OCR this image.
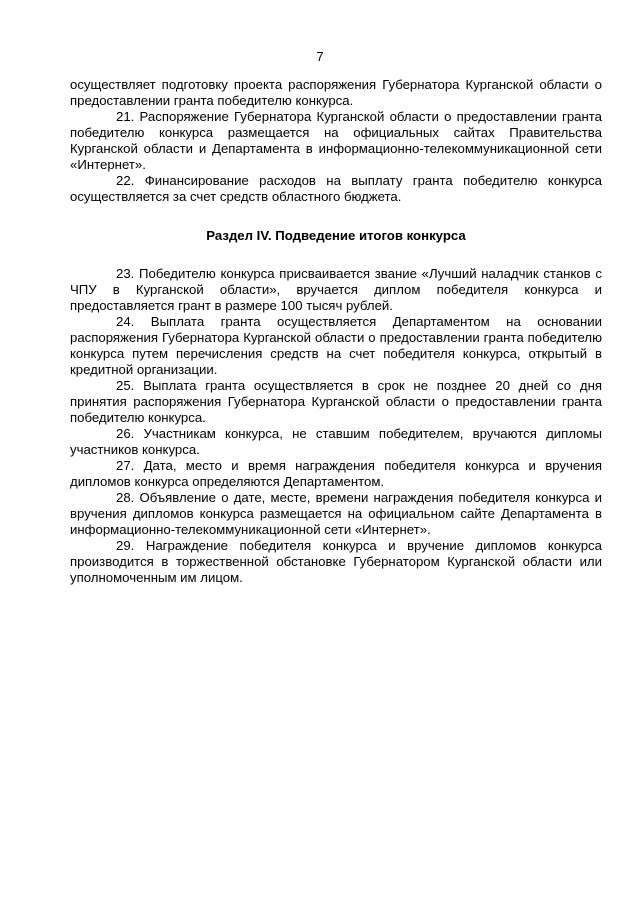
7

осуществляет подготовку проекта распоряжения Губернатора Курганской области о предоставлении гранта победителю конкурса.

21. Распоряжение Губернатора Курганской области о предоставлении гранта победителю конкурса размещается на официальных сайтах Правительства Курганской области и Департамента в информационно-телекоммуникационной сети «Интернет».

22. Финансирование расходов на выплату гранта победителю конкурса осуществляется за счет средств областного бюджета.

Раздел IV. Подведение итогов конкурса

23. Победителю конкурса присваивается звание «Лучший наладчик станков с ЧПУ в Курганской области», вручается диплом победителя конкурса и предоставляется грант в размере 100 тысяч рублей.

24. Выплата гранта осуществляется Департаментом на основании распоряжения Губернатора Курганской области о предоставлении гранта победителю конкурса путем перечисления средств на счет победителя конкурса, открытый в кредитной организации.

25. Выплата гранта осуществляется в срок не позднее 20 дней со дня принятия распоряжения Губернатора Курганской области о предоставлении гранта победителю конкурса.

26. Участникам конкурса, не ставшим победителем, вручаются дипломы участников конкурса.

27. Дата, место и время награждения победителя конкурса и вручения дипломов конкурса определяются Департаментом.

28. Объявление о дате, месте, времени награждения победителя конкурса и вручения дипломов конкурса размещается на официальном сайте Департамента в информационно-телекоммуникационной сети «Интернет».

29. Награждение победителя конкурса и вручение дипломов конкурса производится в торжественной обстановке Губернатором Курганской области или уполномоченным им лицом.
